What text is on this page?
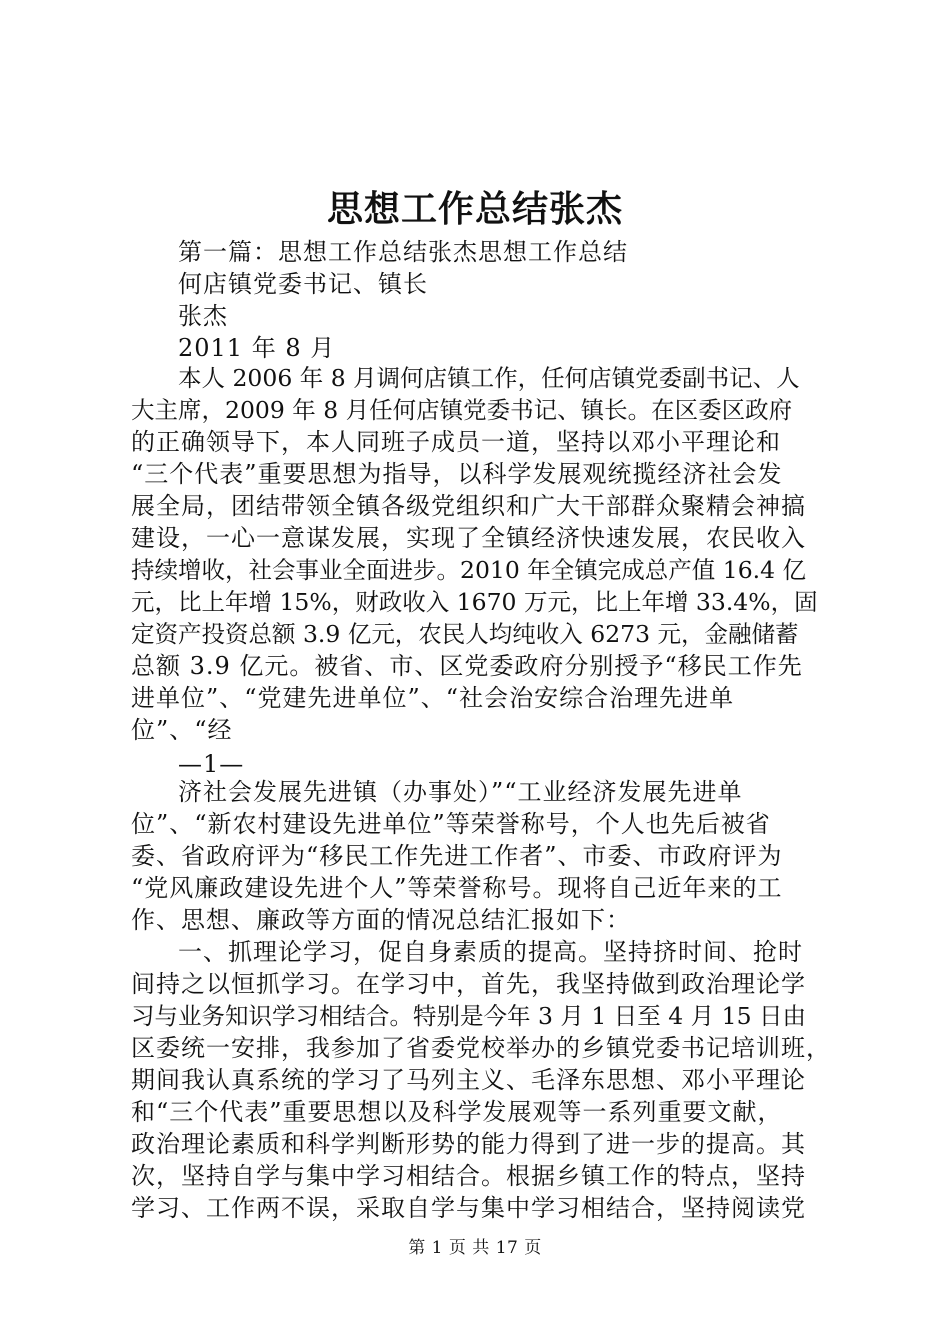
思想工作总结张杰
第一篇：思想工作总结张杰思想工作总结
何店镇党委书记、镇长
张杰
2011 年 8 月
本人 2006 年 8 月调何店镇工作，任何店镇党委副书记、人
大主席，2009 年 8 月任何店镇党委书记、镇长。在区委区政府
的正确领导下，本人同班子成员一道，坚持以邓小平理论和
“三个代表”重要思想为指导，以科学发展观统揽经济社会发
展全局，团结带领全镇各级党组织和广大干部群众聚精会神搞
建设，一心一意谋发展，实现了全镇经济快速发展，农民收入
持续增收，社会事业全面进步。2010 年全镇完成总产值 16.4 亿
元，比上年增 15%，财政收入 1670 万元，比上年增 33.4%，固
定资产投资总额 3.9 亿元，农民人均纯收入 6273 元，金融储蓄
总额 3.9 亿元。被省、市、区党委政府分别授予“移民工作先
进单位”、“党建先进单位”、“社会治安综合治理先进单
位”、“经
—1—
济社会发展先进镇（办事处）”“工业经济发展先进单
位”、“新农村建设先进单位”等荣誉称号，个人也先后被省
委、省政府评为“移民工作先进工作者”、市委、市政府评为
“党风廉政建设先进个人”等荣誉称号。现将自己近年来的工
作、思想、廉政等方面的情况总结汇报如下：
一、抓理论学习，促自身素质的提高。坚持挤时间、抢时
间持之以恒抓学习。在学习中，首先，我坚持做到政治理论学
习与业务知识学习相结合。特别是今年 3 月 1 日至 4 月 15 日由
区委统一安排，我参加了省委党校举办的乡镇党委书记培训班，
期间我认真系统的学习了马列主义、毛泽东思想、邓小平理论
和“三个代表”重要思想以及科学发展观等一系列重要文献，
政治理论素质和科学判断形势的能力得到了进一步的提高。其
次，坚持自学与集中学习相结合。根据乡镇工作的特点，坚持
学习、工作两不误，采取自学与集中学习相结合，坚持阅读党
第 1 页 共 17 页
